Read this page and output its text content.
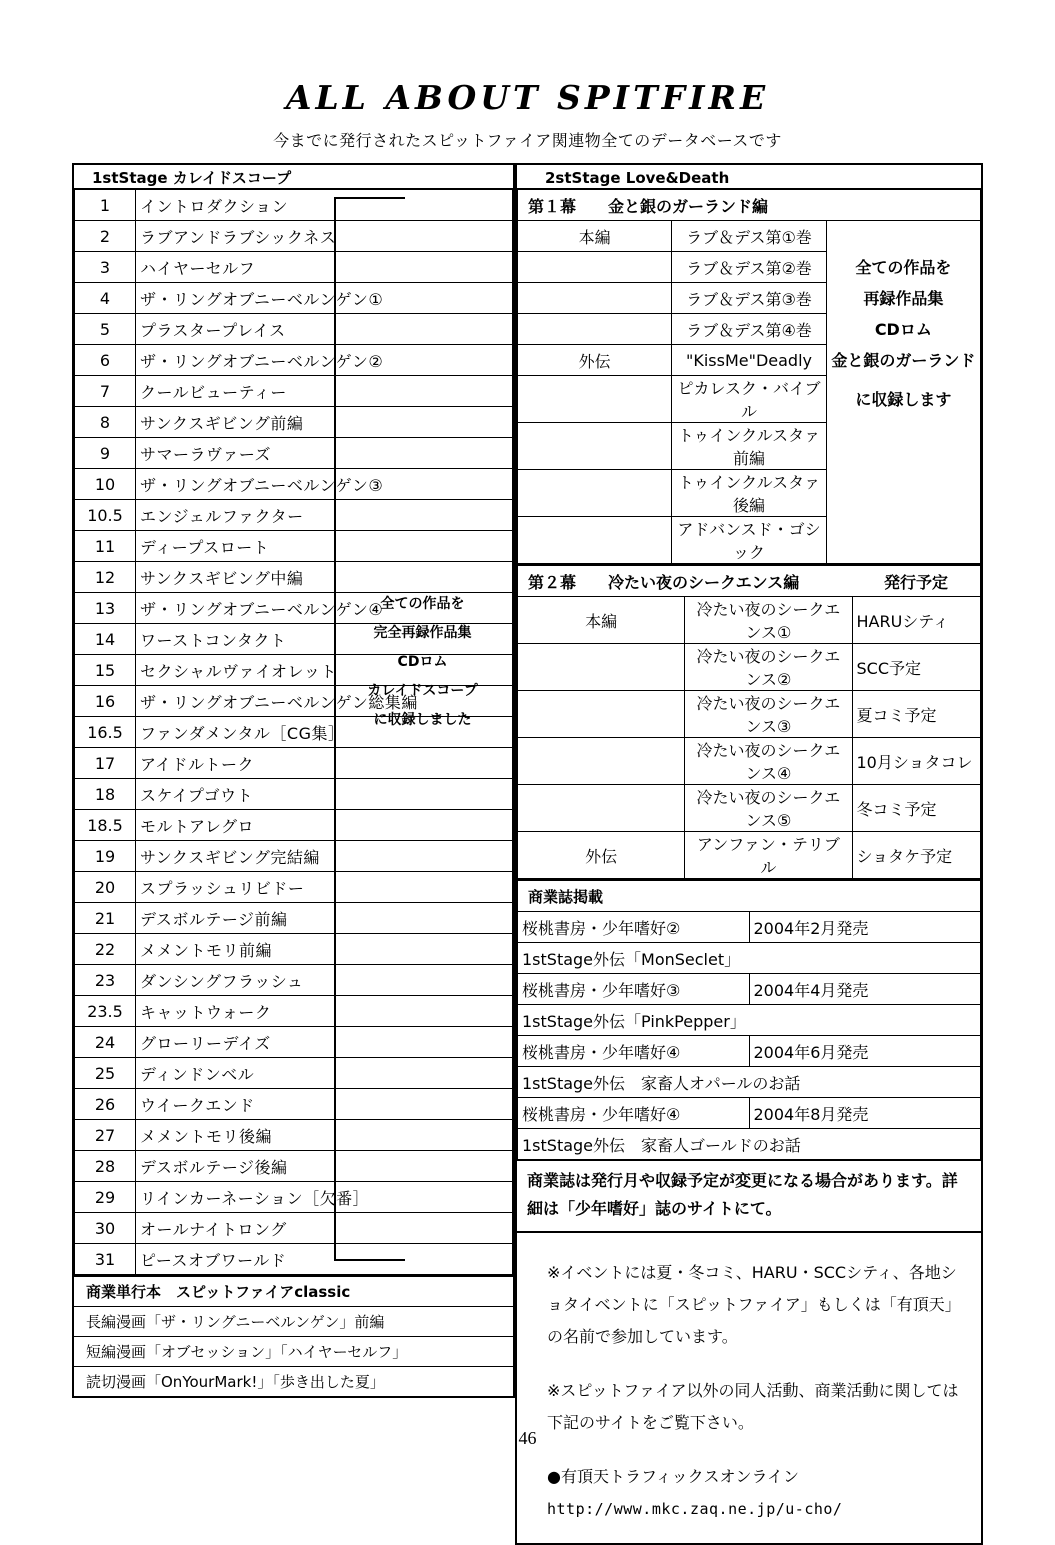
ALL ABOUT SPITFIRE
今までに発行されたスピットファイア関連物全てのデータベースです
1stStage カレイドスコープ
1	イントロダクション
2	ラブアンドラブシックネス
3	ハイヤーセルフ
4	ザ・リングオブニーベルンゲン①
5	プラスタープレイス
6	ザ・リングオブニーベルンゲン②
7	クールビューティー
8	サンクスギビング前編
9	サマーラヴァーズ
10	ザ・リングオブニーベルンゲン③
10.5	エンジェルファクター
11	ディープスロート
12	サンクスギビング中編
13	ザ・リングオブニーベルンゲン④
14	ワーストコンタクト
15	セクシャルヴァイオレット
16	ザ・リングオブニーベルンゲン総集編
16.5	ファンダメンタル［CG集］
17	アイドルトーク
18	スケイプゴウト
18.5	モルトアレグロ
19	サンクスギビング完結編
20	スプラッシュリビドー
21	デスボルテージ前編
22	メメントモリ前編
23	ダンシングフラッシュ
23.5	キャットウォーク
24	グローリーデイズ
25	ディンドンベル
26	ウイークエンド
27	メメントモリ後編
28	デスボルテージ後編
29	リインカーネーション［欠番］
30	オールナイトロング
31	ピースオブワールド
商業単行本　スピットファイアclassic
長編漫画「ザ・リングニーベルンゲン」前編
短編漫画「オブセッション」「ハイヤーセルフ」
読切漫画「OnYourMark!」「歩き出した夏」
全ての作品を
完全再録作品集
CDロム
カレイドスコープ
に収録しました
2stStage Love&Death
第１幕　　金と銀のガーランド編		
本編	ラブ＆デス第①巻	
	ラブ＆デス第②巻	全ての作品を
	ラブ＆デス第③巻	再録作品集
	ラブ＆デス第④巻	CDロム
外伝	"KissMe"Deadly	金と銀のガーランド
	ピカレスク・バイブル	に収録します
	トゥインクルスタァ前編	
	トゥインクルスタァ後編	
	アドバンスド・ゴシック	
第２幕　　冷たい夜のシークエンス編		発行予定
本編	冷たい夜のシークエンス①	HARUシティ
	冷たい夜のシークエンス②	SCC予定
	冷たい夜のシークエンス③	夏コミ予定
	冷たい夜のシークエンス④	10月ショタコレ
	冷たい夜のシークエンス⑤	冬コミ予定
外伝	アンファン・テリブル	ショタケ予定
商業誌掲載	
桜桃書房・少年嗜好②	2004年2月発売
1stStage外伝「MonSeclet」	
桜桃書房・少年嗜好③	2004年4月発売
1stStage外伝「PinkPepper」	
桜桃書房・少年嗜好④	2004年6月発売
1stStage外伝　家畜人オパールのお話	
桜桃書房・少年嗜好④	2004年8月発売
1stStage外伝　家畜人ゴールドのお話	
商業誌は発行月や収録予定が変更になる場合があります。詳細は「少年嗜好」誌のサイトにて。

※イベントには夏・冬コミ、HARU・SCCシティ、各地ショタイベントに「スピットファイア」もしくは「有頂天」の名前で参加しています。

※スピットファイア以外の同人活動、商業活動に関しては下記のサイトをご覧下さい。

●有頂天トラフィックスオンライン
http://www.mkc.zaq.ne.jp/u-cho/
46
